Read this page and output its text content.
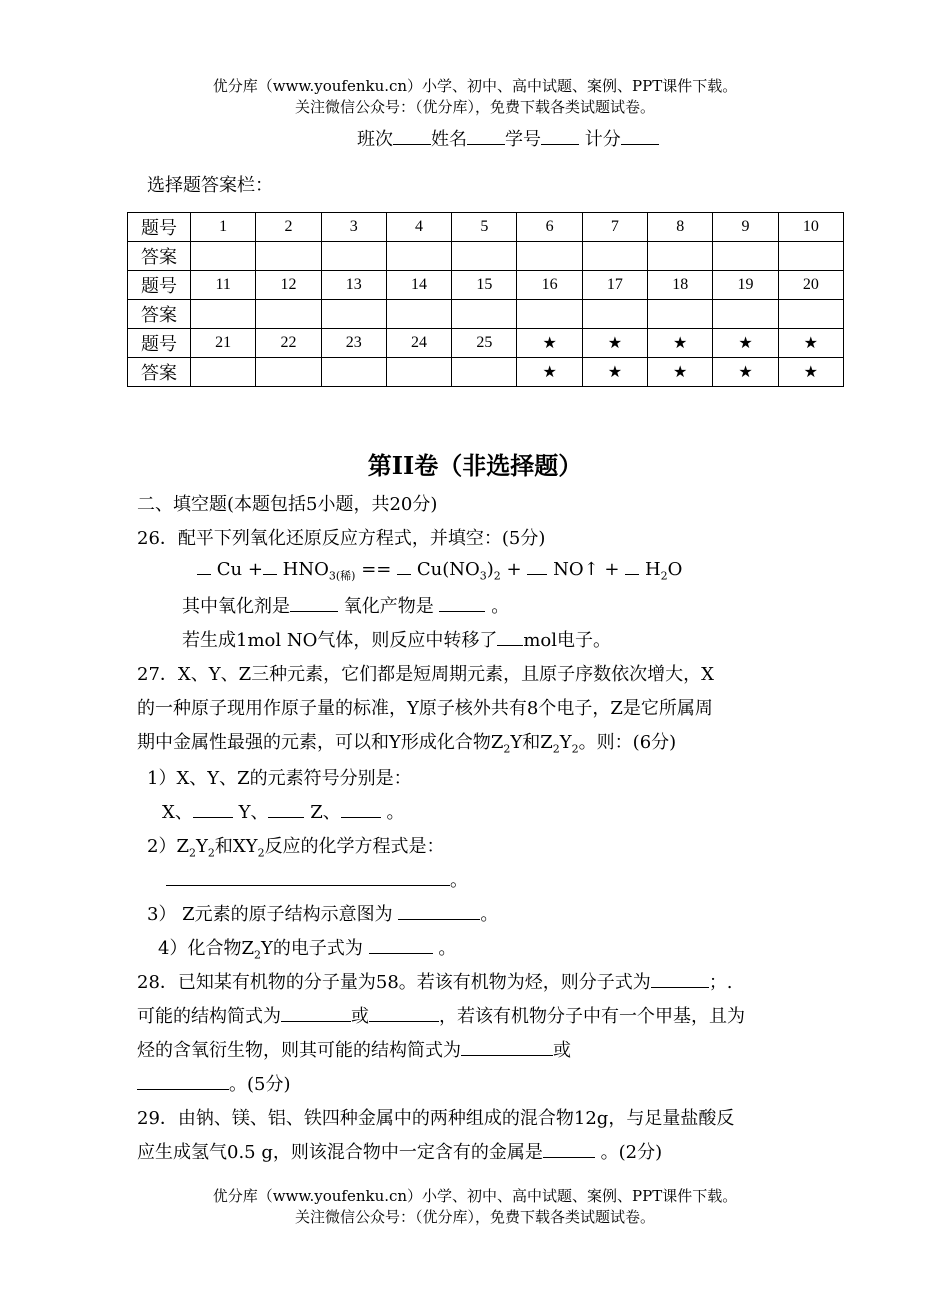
优分库（www.youfenku.cn）小学、初中、高中试题、案例、PPT课件下载。
关注微信公众号：（优分库），免费下载各类试题试卷。
班次 姓名 学号 计分
选择题答案栏：
题号	1	2	3	4	5	6	7	8	9	10
答案										
题号	11	12	13	14	15	16	17	18	19	20
答案										
题号	21	22	23	24	25	★	★	★	★	★
答案						★	★	★	★	★
第II卷（非选择题）
二、填空题(本题包括5小题，共20分)
26．配平下列氧化还原反应方程式，并填空：(5分)
$Cu + HNO_{3(稀)} == Cu(NO_3)_2$ + NO↑ + $H_2O$
其中氧化剂是	氧化产物是	。
若生成1mol NO气体，则反应中转移了 mol电子。
27．X、Y、Z三种元素，它们都是短周期元素，且原子序数依次增大，X
的一种原子现用作原子量的标准，Y原子核外共有8个电子，Z是它所属周
期中金属性最强的元素，可以和Y形成化合物$Z_2Y$和$Z_2Y_2$。则：(6分)
1）X、Y、Z的元素符号分别是：
X、	Y、 Z、	。
$2)Z_2Y_2$和$XY_2$反应的化学方程式是：
。
3） Z元素的原子结构示意图为	。
4）化合物$Z_2Y$的电子式为	。
28．已知某有机物的分子量为58。若该有机物为烃，则分子式为	；.
可能的结构简式为	或	，若该有机物分子中有一个甲基，且为
烃的含氧衍生物，则其可能的结构简式为	或
。(5分)
29．由钠、镁、铝、铁四种金属中的两种组成的混合物12g，与足量盐酸反
应生成氢气0.5 g，则该混合物中一定含有的金属是	。(2分)
优分库（www.youfenku.cn）小学、初中、高中试题、案例、PPT课件下载。
关注微信公众号：（优分库），免费下载各类试题试卷。
